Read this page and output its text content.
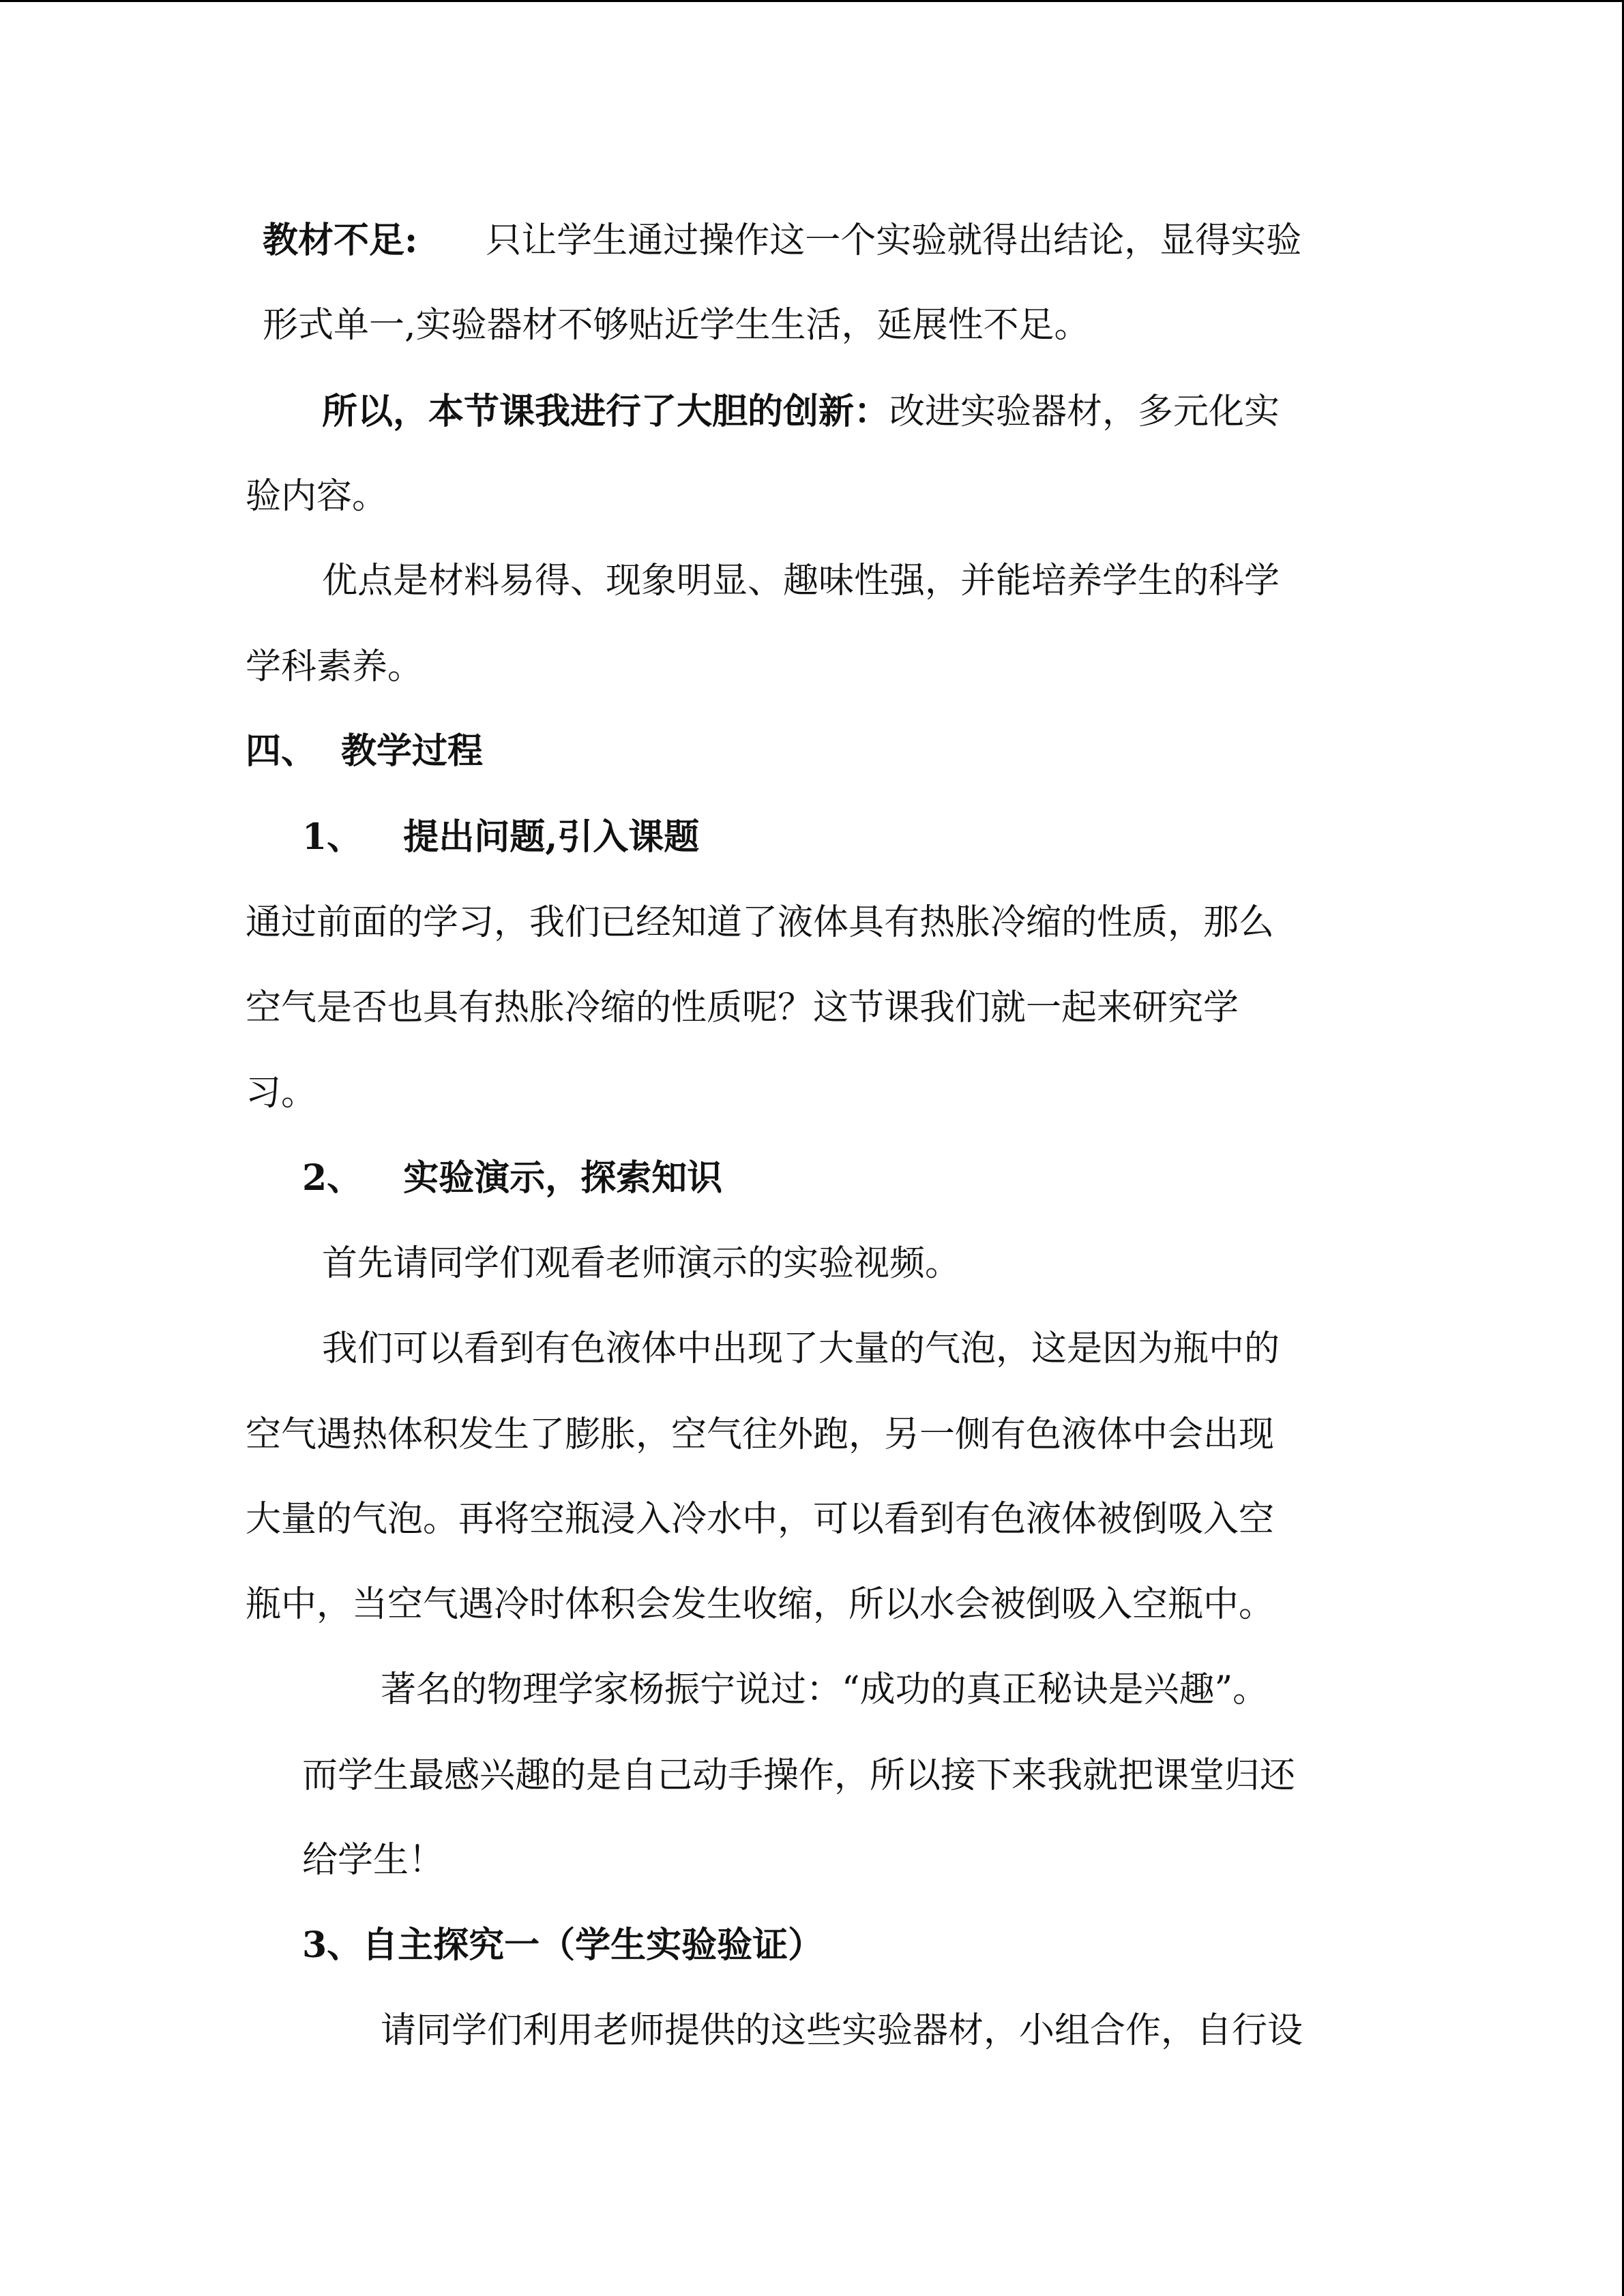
教材不足: 只让学生通过操作这一个实验就得出结论，显得实验
形式单一,实验器材不够贴近学生生活，延展性不足。
所以，本节课我进行了大胆的创新：改进实验器材，多元化实
验内容。
优点是材料易得、现象明显、趣味性强，并能培养学生的科学
学科素养。
四、 教学过程
1、 提出问题,引入课题
通过前面的学习，我们已经知道了液体具有热胀冷缩的性质，那么
空气是否也具有热胀冷缩的性质呢？这节课我们就一起来研究学
习。
2、 实验演示，探索知识
首先请同学们观看老师演示的实验视频。
我们可以看到有色液体中出现了大量的气泡，这是因为瓶中的
空气遇热体积发生了膨胀，空气往外跑，另一侧有色液体中会出现
大量的气泡。再将空瓶浸入冷水中，可以看到有色液体被倒吸入空
瓶中，当空气遇冷时体积会发生收缩，所以水会被倒吸入空瓶中。
著名的物理学家杨振宁说过：“成功的真正秘诀是兴趣”。
而学生最感兴趣的是自己动手操作，所以接下来我就把课堂归还
给学生！
3、自主探究一（学生实验验证）
请同学们利用老师提供的这些实验器材，小组合作，自行设
